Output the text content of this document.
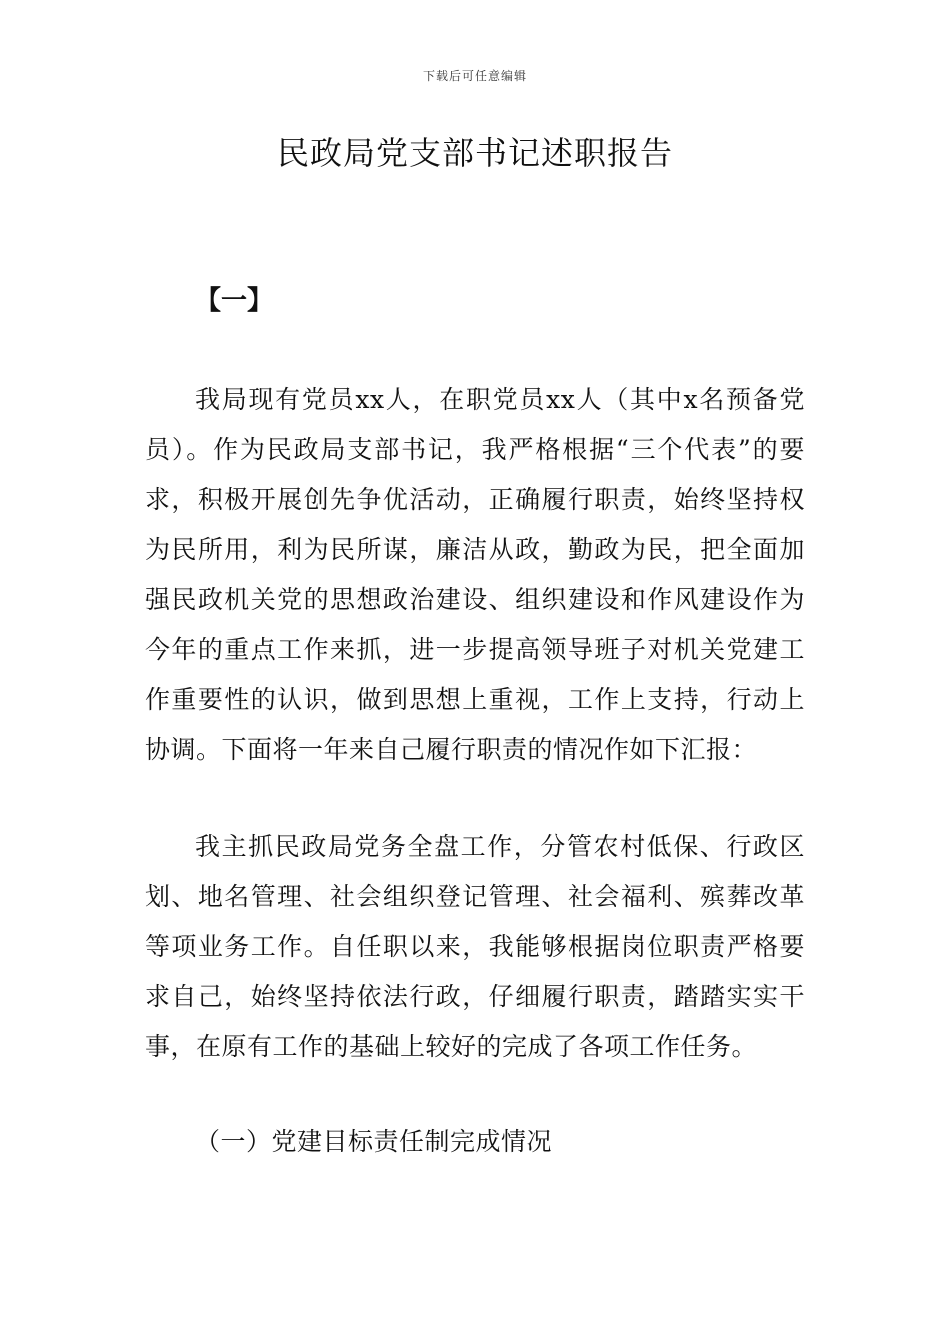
下载后可任意编辑
民政局党支部书记述职报告

【一】

我局现有党员xx人，在职党员xx人（其中x名预备党员）。作为民政局支部书记，我严格根据“三个代表”的要求，积极开展创先争优活动，正确履行职责，始终坚持权为民所用，利为民所谋，廉洁从政，勤政为民，把全面加强民政机关党的思想政治建设、组织建设和作风建设作为今年的重点工作来抓，进一步提高领导班子对机关党建工作重要性的认识，做到思想上重视，工作上支持，行动上协调。下面将一年来自己履行职责的情况作如下汇报：

我主抓民政局党务全盘工作，分管农村低保、行政区划、地名管理、社会组织登记管理、社会福利、殡葬改革等项业务工作。自任职以来，我能够根据岗位职责严格要求自己，始终坚持依法行政，仔细履行职责，踏踏实实干事，在原有工作的基础上较好的完成了各项工作任务。

（一）党建目标责任制完成情况
